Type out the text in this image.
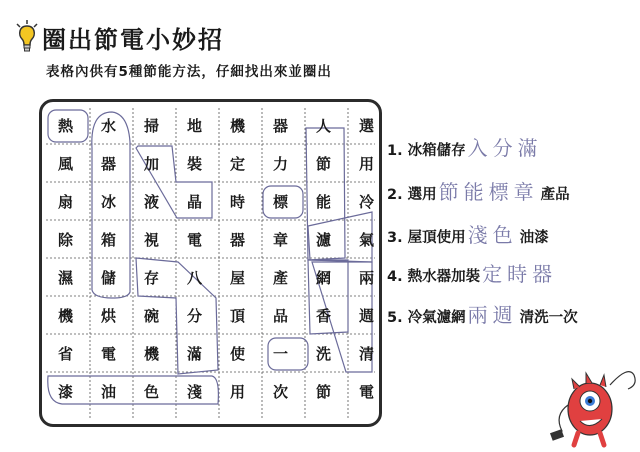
圈出節電小妙招
表格內供有5種節能方法，仔細找出來並圈出
熱	水	掃	地	機	器	人	選
風	器	加	裝	定	力	節	用
扇	冰	液	晶	時	標	能	冷
除	箱	視	電	器	章	濾	氣
濕	儲	存	八	屋	產	網	兩
機	烘	碗	分	頂	品	香	週
省	電	機	滿	使	一	洗	清
漆	油	色	淺	用	次	節	電
1. 冰箱儲存 入分滿
2. 選用 節能標章 產品
3. 屋頂使用 淺色 油漆
4. 熱水器加裝 定時器
5. 冷氣濾網 兩週 清洗一次
